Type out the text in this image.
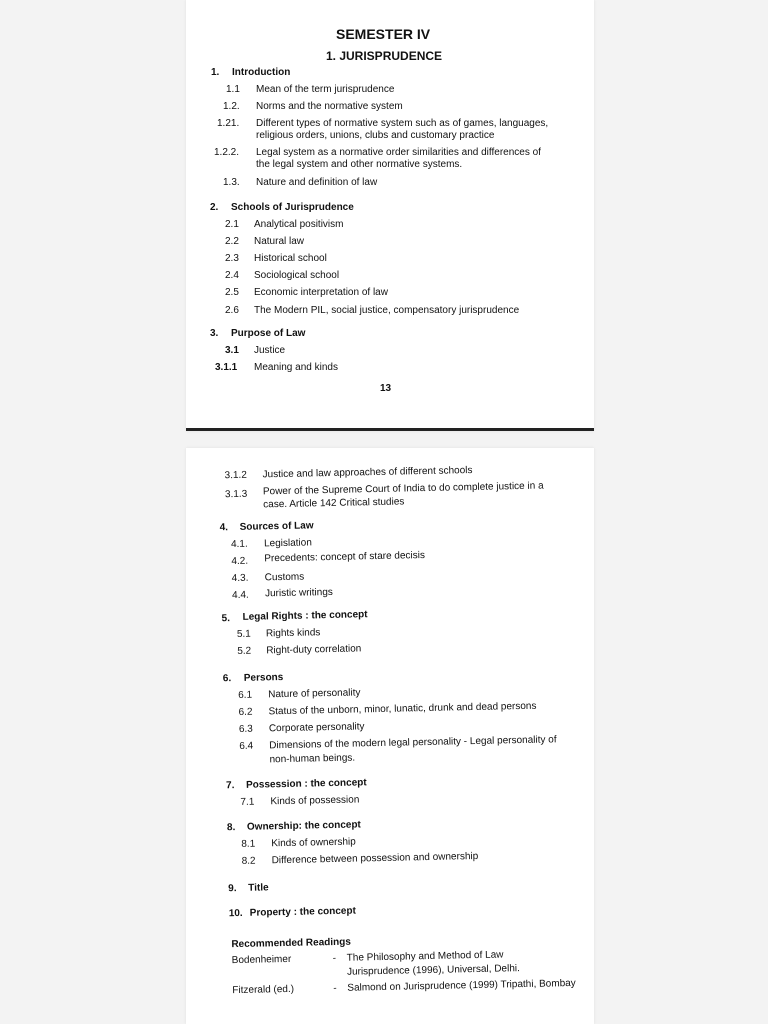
SEMESTER IV
1. JURISPRUDENCE
1. Introduction
1.1 Mean of the term jurisprudence
1.2. Norms and the normative system
1.21. Different types of normative system such as of games, languages,
religious orders, unions, clubs and customary practice
1.2.2. Legal system as a normative order similarities and differences of
the legal system and other normative systems.
1.3. Nature and definition of law
2. Schools of Jurisprudence
2.1 Analytical positivism
2.2 Natural law
2.3 Historical school
2.4 Sociological school
2.5 Economic interpretation of law
2.6 The Modern PIL, social justice, compensatory jurisprudence
3. Purpose of Law
3.1 Justice
3.1.1 Meaning and kinds
13
3.1.2 Justice and law approaches of different schools
3.1.3 Power of the Supreme Court of India to do complete justice in a
case. Article 142 Critical studies
4. Sources of Law
4.1. Legislation
4.2. Precedents: concept of stare decisis
4.3. Customs
4.4. Juristic writings
5. Legal Rights : the concept
5.1 Rights kinds
5.2 Right-duty correlation
6. Persons
6.1 Nature of personality
6.2 Status of the unborn, minor, lunatic, drunk and dead persons
6.3 Corporate personality
6.4 Dimensions of the modern legal personality - Legal personality of
non-human beings.
7. Possession : the concept
7.1 Kinds of possession
8. Ownership: the concept
8.1 Kinds of ownership
8.2 Difference between possession and ownership
9. Title
10. Property : the concept
Recommended Readings
Bodenheimer	- The Philosophy and Method of Law
Jurisprudence (1996), Universal, Delhi.
Fitzerald (ed.)	- Salmond on Jurisprudence (1999) Tripathi, Bombay
